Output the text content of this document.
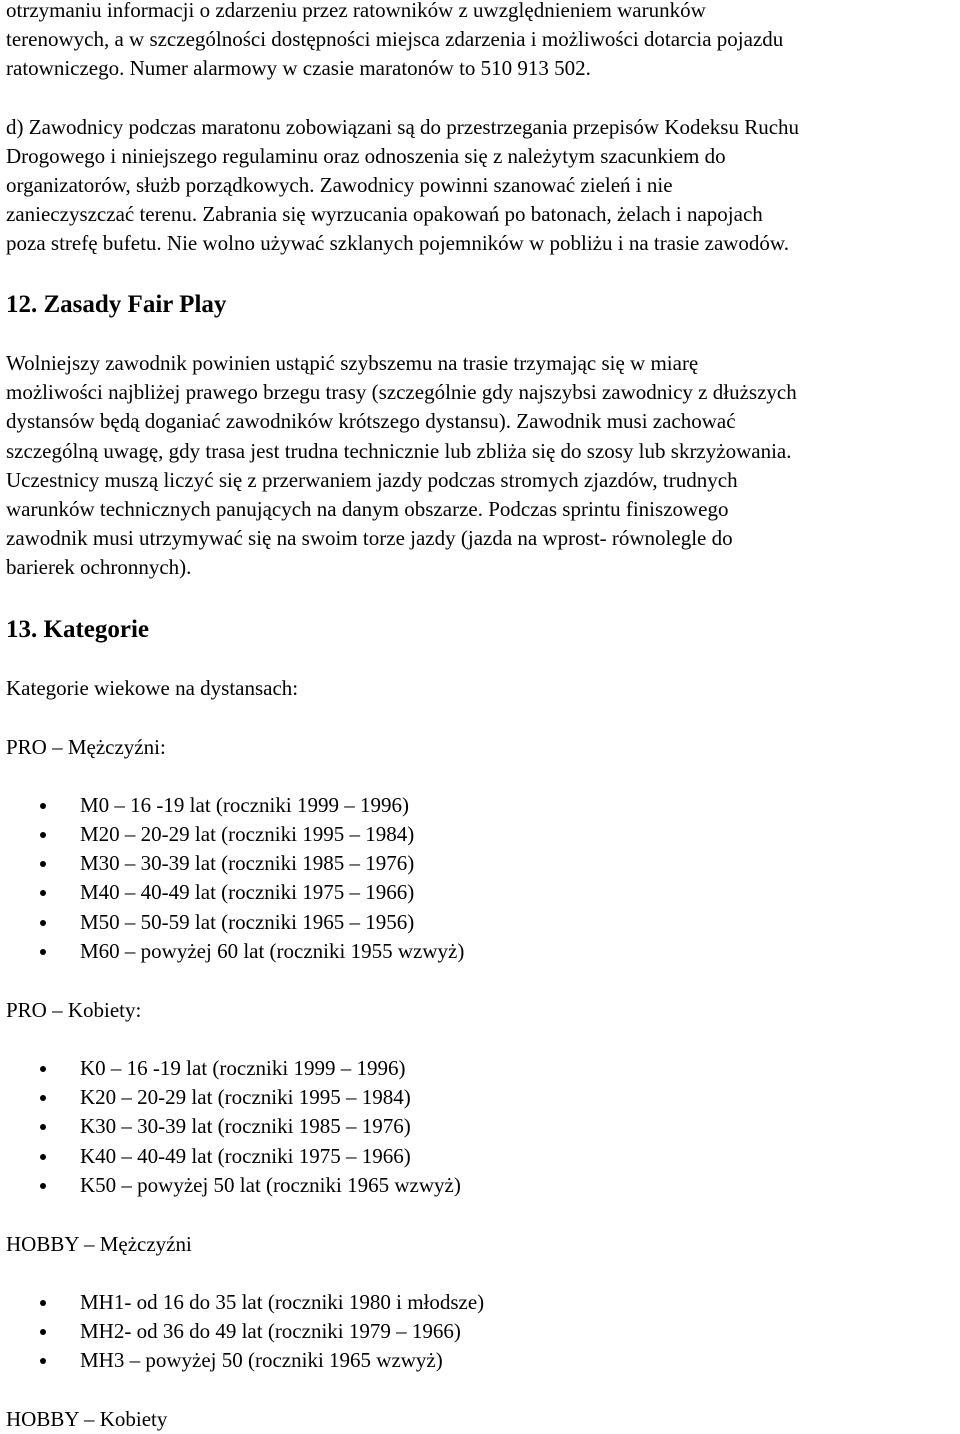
otrzymaniu informacji o zdarzeniu przez ratowników z uwzględnieniem warunków
terenowych, a w szczególności dostępności miejsca zdarzenia i możliwości dotarcia pojazdu
ratowniczego. Numer alarmowy w czasie maratonów to 510 913 502.
d) Zawodnicy podczas maratonu zobowiązani są do przestrzegania przepisów Kodeksu Ruchu
Drogowego i niniejszego regulaminu oraz odnoszenia się z należytym szacunkiem do
organizatorów, służb porządkowych. Zawodnicy powinni szanować zieleń i nie
zanieczyszczać terenu. Zabrania się wyrzucania opakowań po batonach, żelach i napojach
poza strefę bufetu. Nie wolno używać szklanych pojemników w pobliżu i na trasie zawodów.
12. Zasady Fair Play
Wolniejszy zawodnik powinien ustąpić szybszemu na trasie trzymając się w miarę
możliwości najbliżej prawego brzegu trasy (szczególnie gdy najszybsi zawodnicy z dłuższych
dystansów będą doganiać zawodników krótszego dystansu). Zawodnik musi zachować
szczególną uwagę, gdy trasa jest trudna technicznie lub zbliża się do szosy lub skrzyżowania.
Uczestnicy muszą liczyć się z przerwaniem jazdy podczas stromych zjazdów, trudnych
warunków technicznych panujących na danym obszarze. Podczas sprintu finiszowego
zawodnik musi utrzymywać się na swoim torze jazdy (jazda na wprost- równolegle do
barierek ochronnych).
13. Kategorie
Kategorie wiekowe na dystansach:
PRO – Mężczyźni:
M0 – 16 -19 lat (roczniki 1999 – 1996)
M20 – 20-29 lat (roczniki 1995 – 1984)
M30 – 30-39 lat (roczniki 1985 – 1976)
M40 – 40-49 lat (roczniki 1975 – 1966)
M50 – 50-59 lat (roczniki 1965 – 1956)
M60 – powyżej 60 lat (roczniki 1955 wzwyż)
PRO – Kobiety:
K0 – 16 -19 lat (roczniki 1999 – 1996)
K20 – 20-29 lat (roczniki 1995 – 1984)
K30 – 30-39 lat (roczniki 1985 – 1976)
K40 – 40-49 lat (roczniki 1975 – 1966)
K50 – powyżej 50 lat (roczniki 1965 wzwyż)
HOBBY – Mężczyźni
MH1- od 16 do 35 lat (roczniki 1980 i młodsze)
MH2- od 36 do 49 lat (roczniki 1979 – 1966)
MH3 – powyżej 50 (roczniki 1965 wzwyż)
HOBBY – Kobiety
